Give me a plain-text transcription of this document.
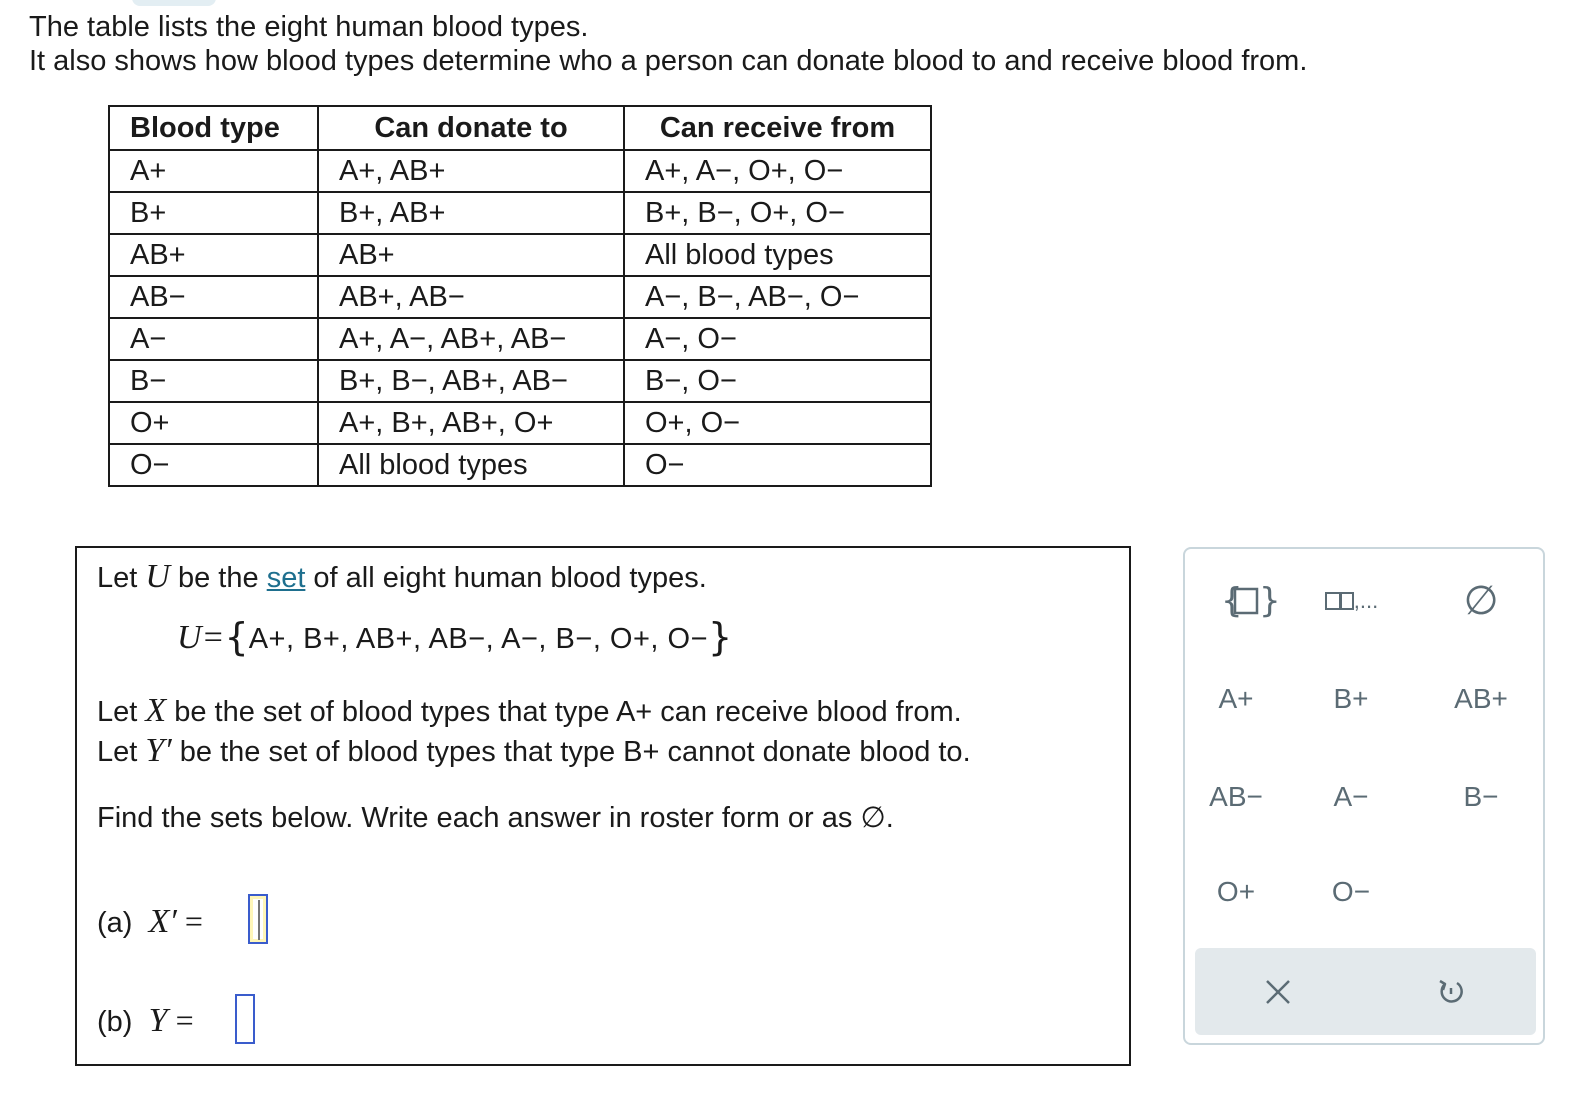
The table lists the eight human blood types.
It also shows how blood types determine who a person can donate blood to and receive blood from.
Blood type	Can donate to	Can receive from
A+	A+, AB+	A+, A−, O+, O−
B+	B+, AB+	B+, B−, O+, O−
AB+	AB+	All blood types
AB−	AB+, AB−	A−, B−, AB−, O−
A−	A+, A−, AB+, AB−	A−, O−
B−	B+, B−, AB+, AB−	B−, O−
O+	A+, B+, AB+, O+	O+, O−
O−	All blood types	O−
Let U be the set of all eight human blood types.
U={A+, B+, AB+, AB−, A−, B−, O+, O−}
Let X be the set of blood types that type A+ can receive blood from.
Let Y′ be the set of blood types that type B+ cannot donate blood to.
Find the sets below. Write each answer in roster form or as ∅.
(a) X′ =
(b) Y =
{ }	,... ∅
A+	B+	AB+
AB−	A−	B−
O+	O−
